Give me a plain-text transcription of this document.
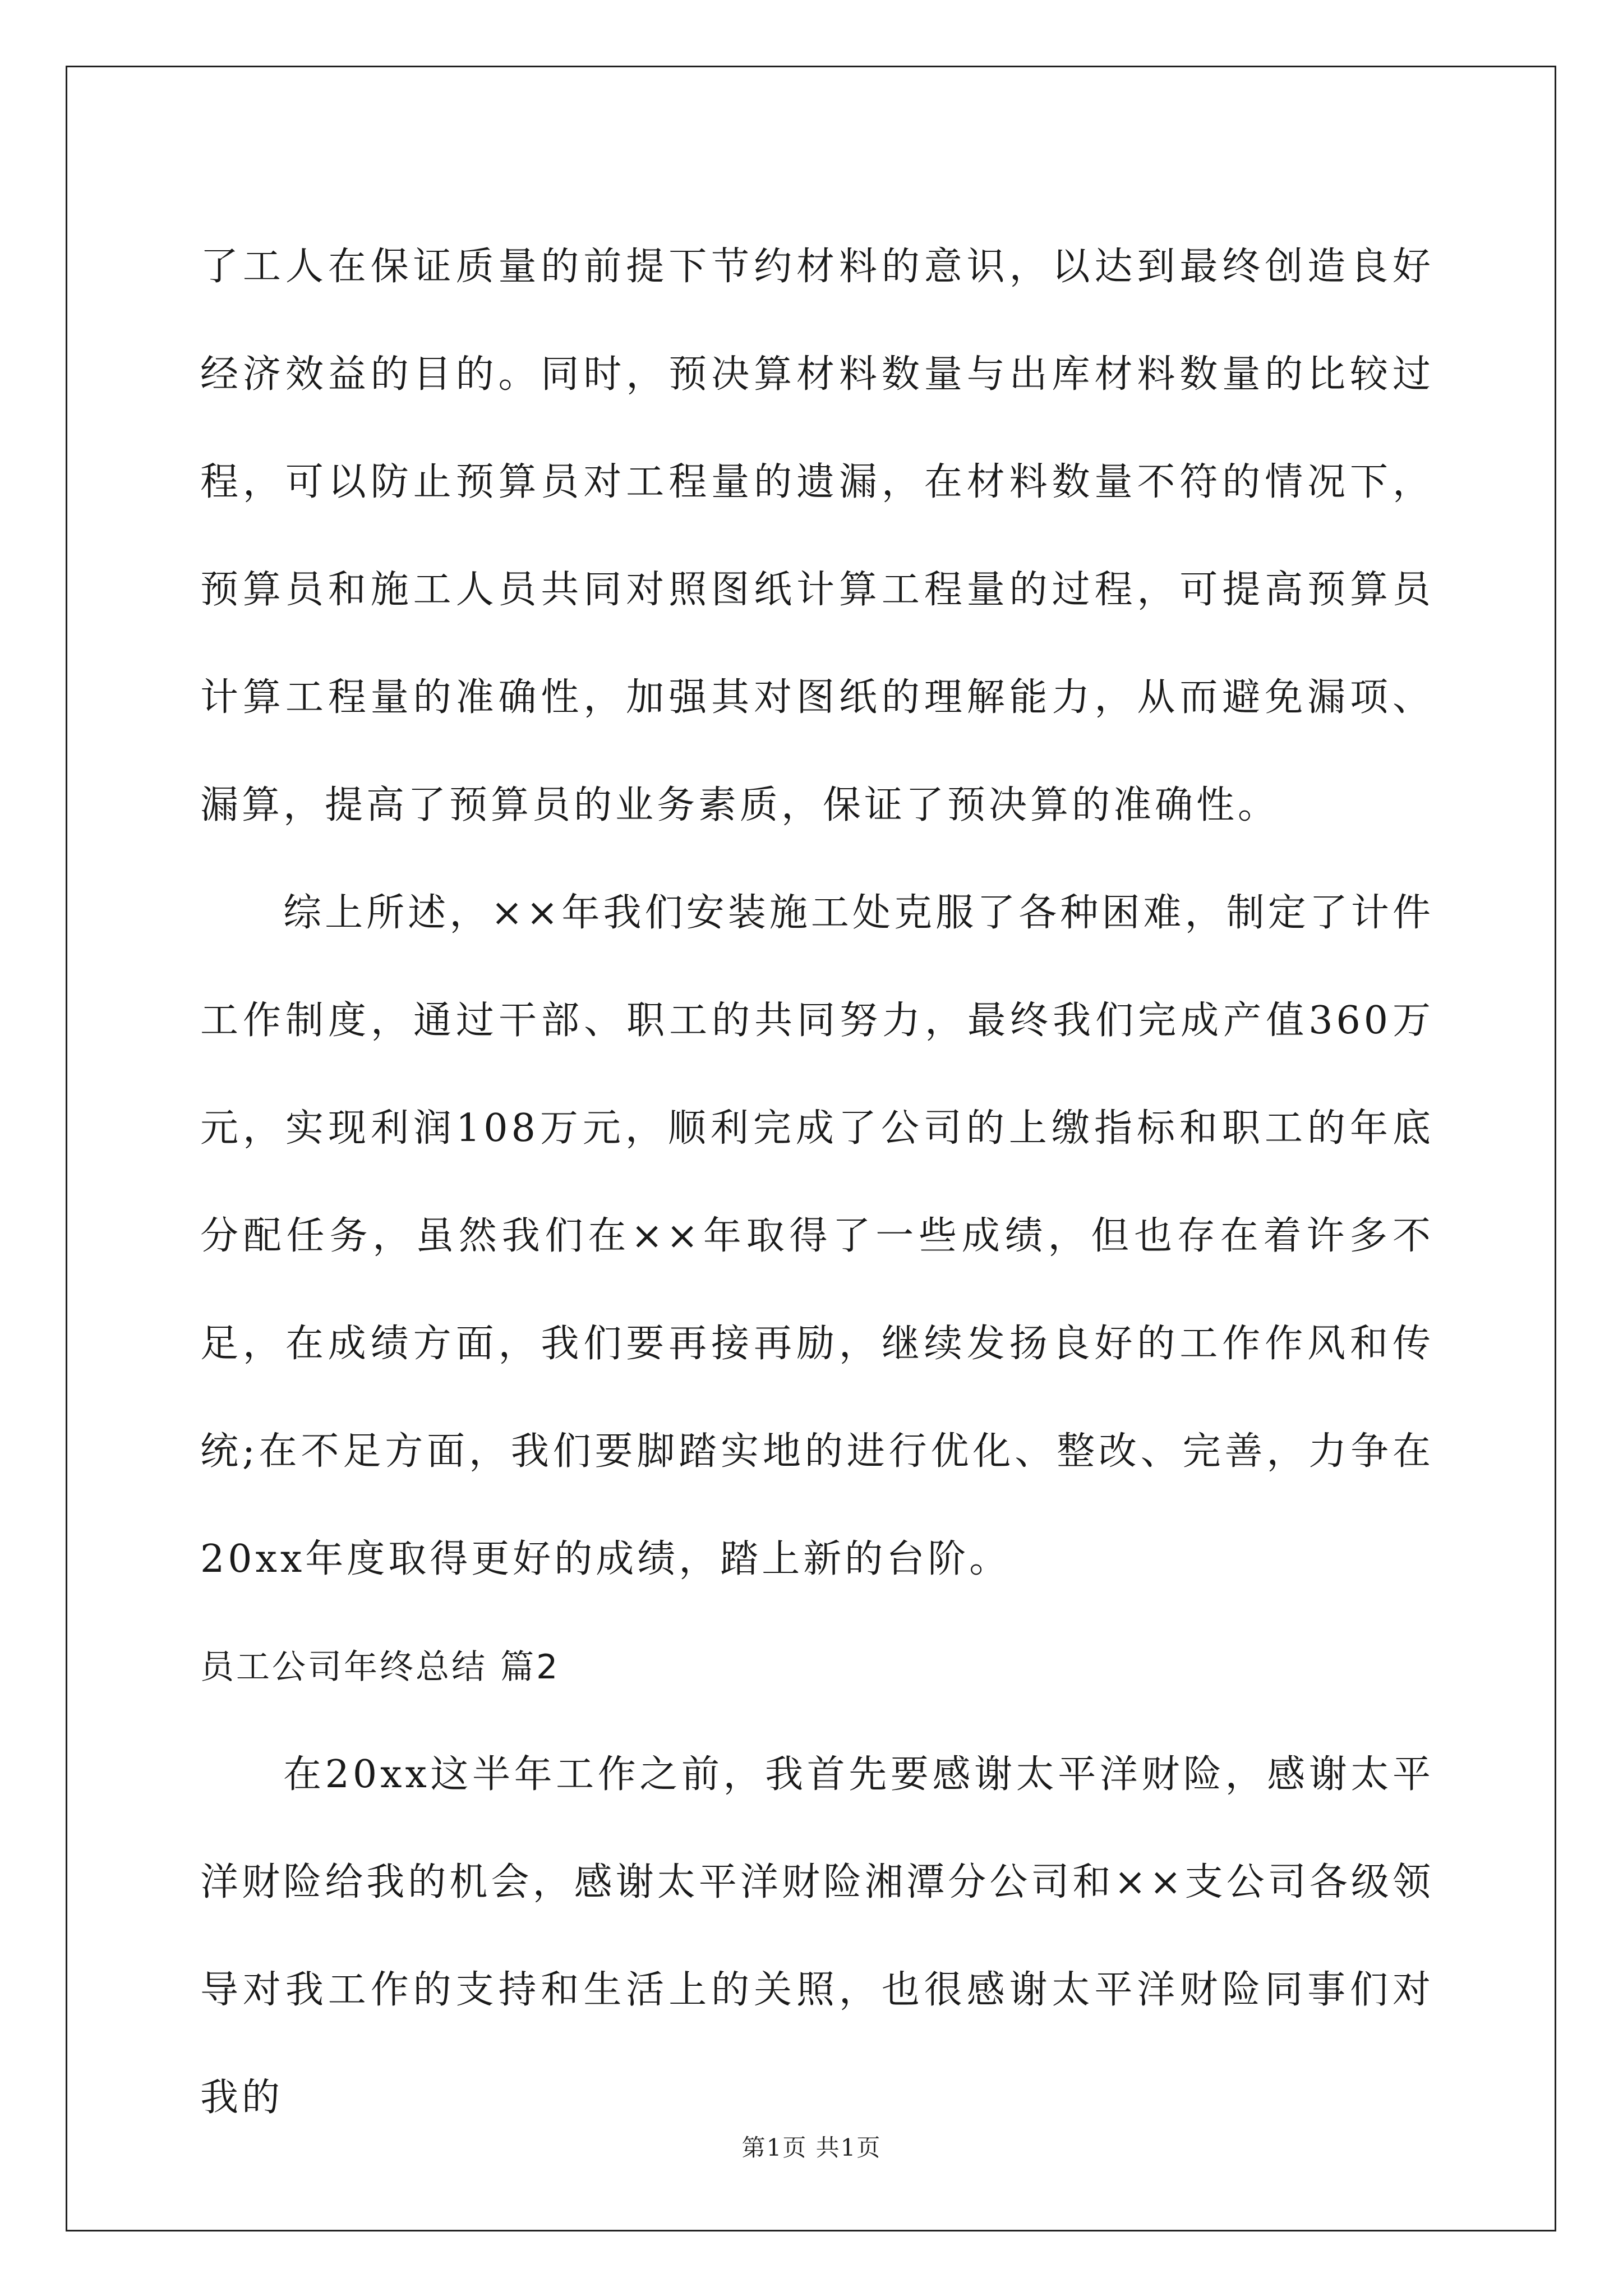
了工人在保证质量的前提下节约材料的意识，以达到最终创造良好经济效益的目的。同时，预决算材料数量与出库材料数量的比较过程，可以防止预算员对工程量的遗漏，在材料数量不符的情况下，预算员和施工人员共同对照图纸计算工程量的过程，可提高预算员计算工程量的准确性，加强其对图纸的理解能力，从而避免漏项、漏算，提高了预算员的业务素质，保证了预决算的准确性。

综上所述，××年我们安装施工处克服了各种困难，制定了计件工作制度，通过干部、职工的共同努力，最终我们完成产值360万元，实现利润108万元，顺利完成了公司的上缴指标和职工的年底分配任务，虽然我们在××年取得了一些成绩，但也存在着许多不足，在成绩方面，我们要再接再励，继续发扬良好的工作作风和传统;在不足方面，我们要脚踏实地的进行优化、整改、完善，力争在20xx年度取得更好的成绩，踏上新的台阶。

员工公司年终总结 篇2

在20xx这半年工作之前，我首先要感谢太平洋财险，感谢太平洋财险给我的机会，感谢太平洋财险湘潭分公司和××支公司各级领导对我工作的支持和生活上的关照，也很感谢太平洋财险同事们对我的

第1页 共1页
